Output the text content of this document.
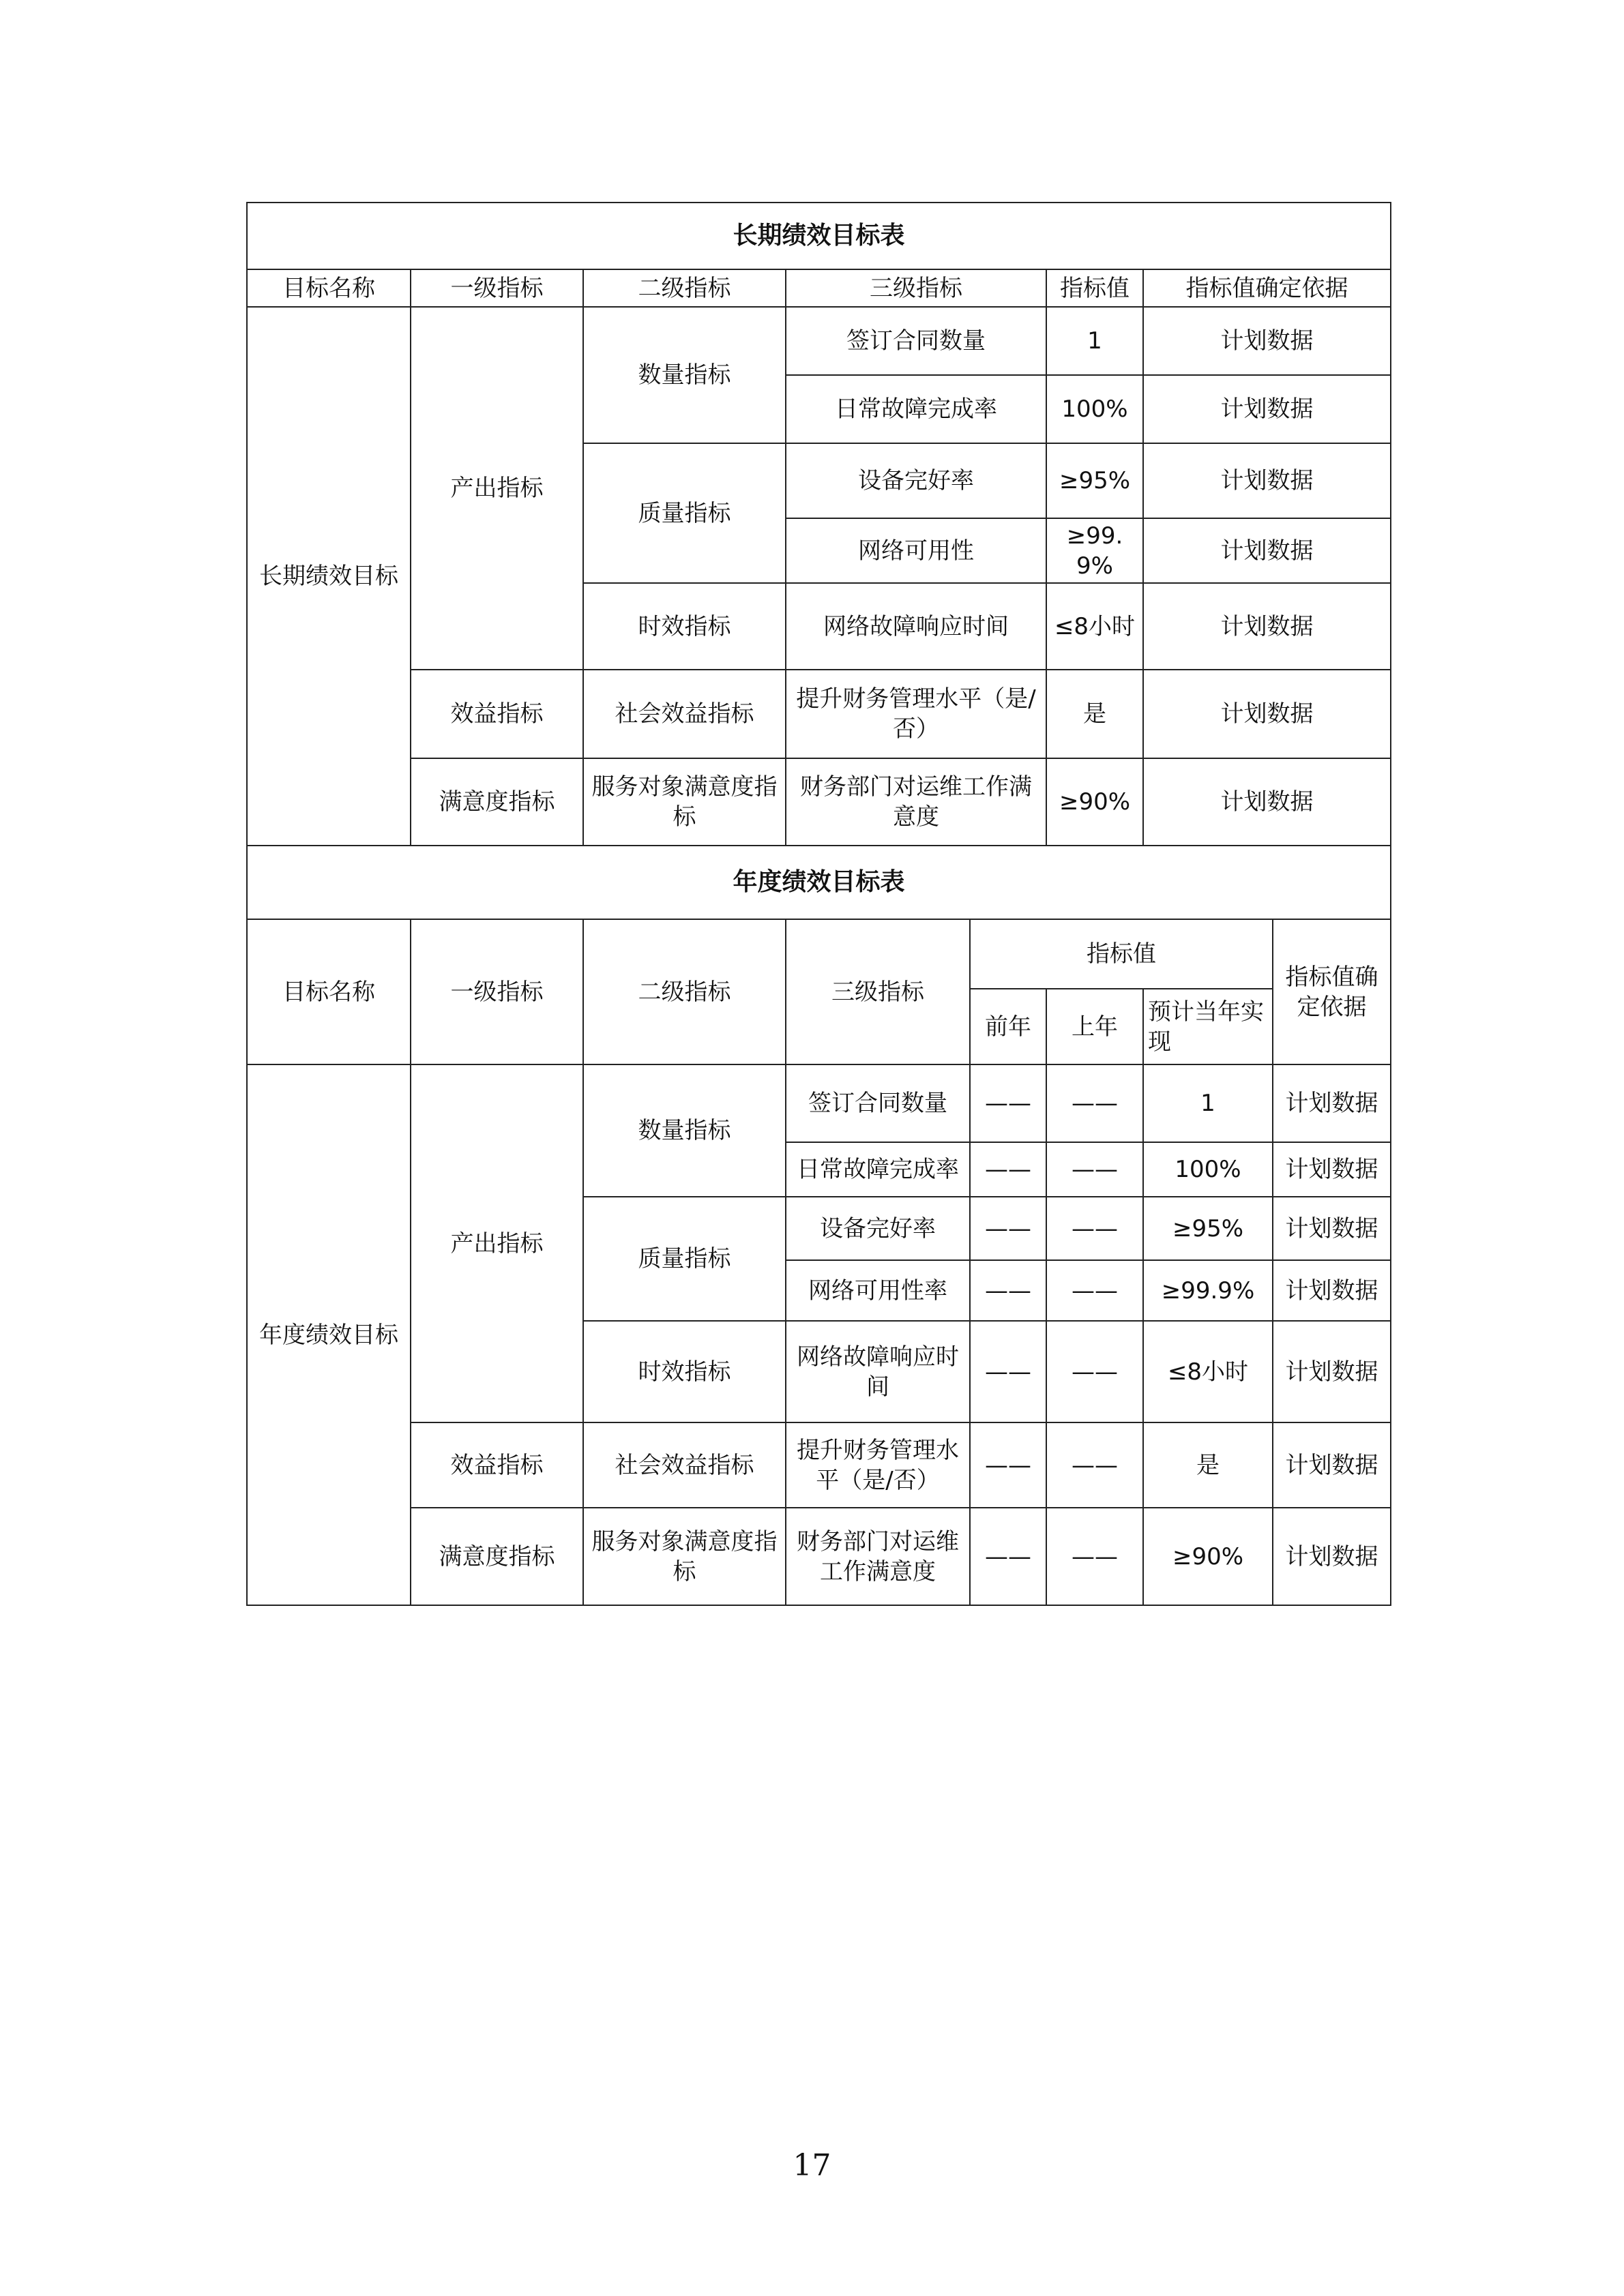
长期绩效目标表					
目标名称	一级指标	二级指标	三级指标	指标值	指标值确定依据
长期绩效目标	产出指标	数量指标	签订合同数量	1	计划数据
			日常故障完成率	100%	计划数据
		质量指标	设备完好率	≥95%	计划数据
			网络可用性	≥99.9%	计划数据
		时效指标	网络故障响应时间	≤8小时	计划数据
	效益指标	社会效益指标	提升财务管理水平（是/否）	是	计划数据
	满意度指标	服务对象满意度指标	财务部门对运维工作满意度	≥90%	计划数据
年度绩效目标表							
目标名称	一级指标	二级指标	三级指标	指标值			指标值确定依据
				前年	上年	预计当年实现	
年度绩效目标	产出指标	数量指标	签订合同数量	——	——	1	计划数据
			日常故障完成率	——	——	100%	计划数据
		质量指标	设备完好率	——	——	≥95%	计划数据
			网络可用性率	——	——	≥99.9%	计划数据
		时效指标	网络故障响应时间	——	——	≤8小时	计划数据
	效益指标	社会效益指标	提升财务管理水平（是/否）	——	——	是	计划数据
	满意度指标	服务对象满意度指标	财务部门对运维工作满意度	——	——	≥90%	计划数据
17
